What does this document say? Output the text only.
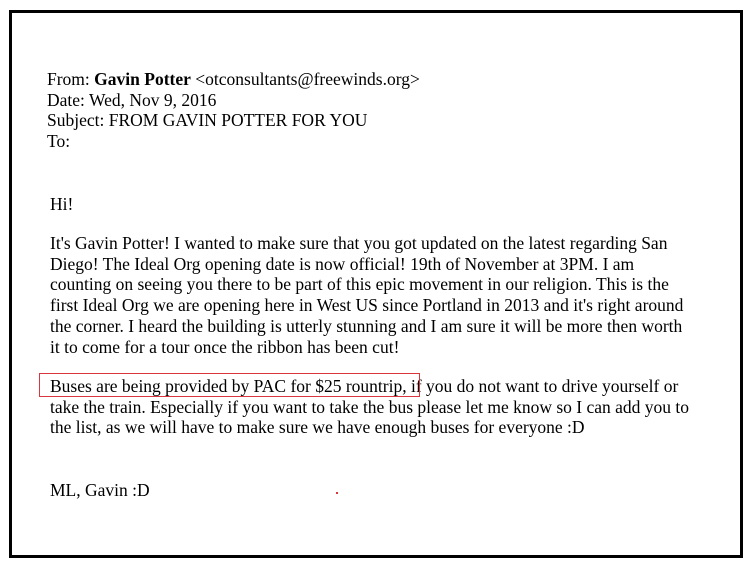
From: Gavin Potter <otconsultants@freewinds.org>
Date: Wed, Nov 9, 2016
Subject: FROM GAVIN POTTER FOR YOU
To:

Hi!

It's Gavin Potter! I wanted to make sure that you got updated on the latest regarding San Diego! The Ideal Org opening date is now official! 19th of November at 3PM. I am counting on seeing you there to be part of this epic movement in our religion. This is the first Ideal Org we are opening here in West US since Portland in 2013 and it's right around the corner. I heard the building is utterly stunning and I am sure it will be more then worth it to come for a tour once the ribbon has been cut!

Buses are being provided by PAC for $25 rountrip, if you do not want to drive yourself or take the train. Especially if you want to take the bus please let me know so I can add you to the list, as we will have to make sure we have enough buses for everyone :D

ML, Gavin :D
